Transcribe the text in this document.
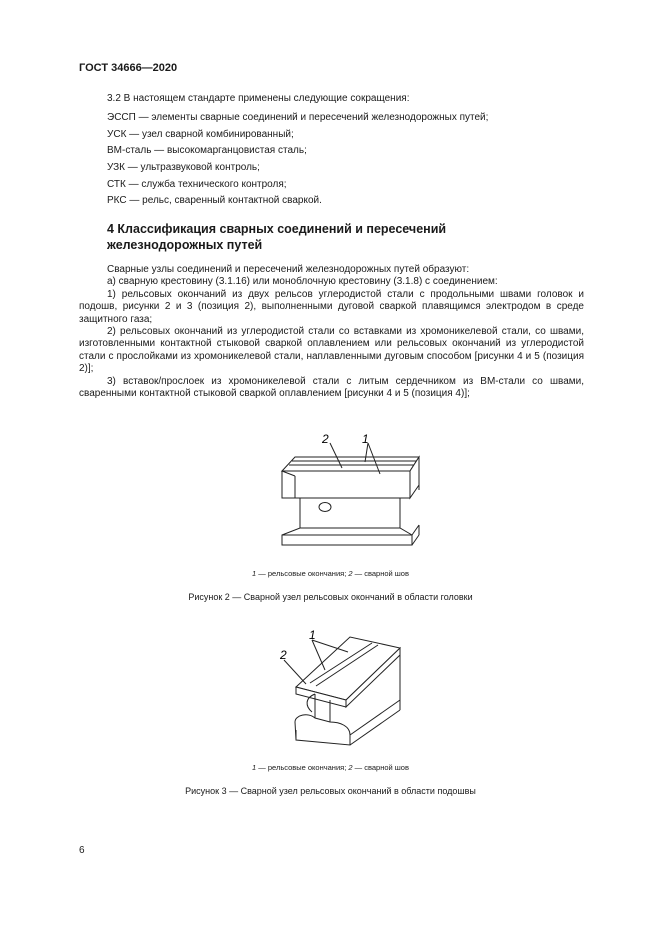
ГОСТ 34666—2020
3.2 В настоящем стандарте применены следующие сокращения:
ЭССП — элементы сварные соединений и пересечений железнодорожных путей;
УСК — узел сварной комбинированный;
ВМ-сталь — высокомарганцовистая сталь;
УЗК — ультразвуковой контроль;
СТК — служба технического контроля;
РКС — рельс, сваренный контактной сваркой.
4 Классификация сварных соединений и пересечений
железнодорожных путей

Сварные узлы соединений и пересечений железнодорожных путей образуют:

а) сварную крестовину (3.1.16) или моноблочную крестовину (3.1.8) с соединением:

1) рельсовых окончаний из двух рельсов углеродистой стали с продольными швами головок и подошв, рисунки 2 и 3 (позиция 2), выполненными дуговой сваркой плавящимся электродом в среде защитного газа;

2) рельсовых окончаний из углеродистой стали со вставками из хромоникелевой стали, со швами, изготовленными контактной стыковой сваркой оплавлением или рельсовых окончаний из углеродистой стали с прослойками из хромоникелевой стали, наплавленными дуговым способом [рисунки 4 и 5 (позиция 2)];

3) вставок/прослоек из хромоникелевой стали с литым сердечником из ВМ-стали со швами, сваренными контактной стыковой сваркой оплавлением [рисунки 4 и 5 (позиция 4)];

2	1
1 — рельсовые окончания; 2 — сварной шов
Рисунок 2 — Сварной узел рельсовых окончаний в области головки
1
2
1 — рельсовые окончания; 2 — сварной шов
Рисунок 3 — Сварной узел рельсовых окончаний в области подошвы
6
